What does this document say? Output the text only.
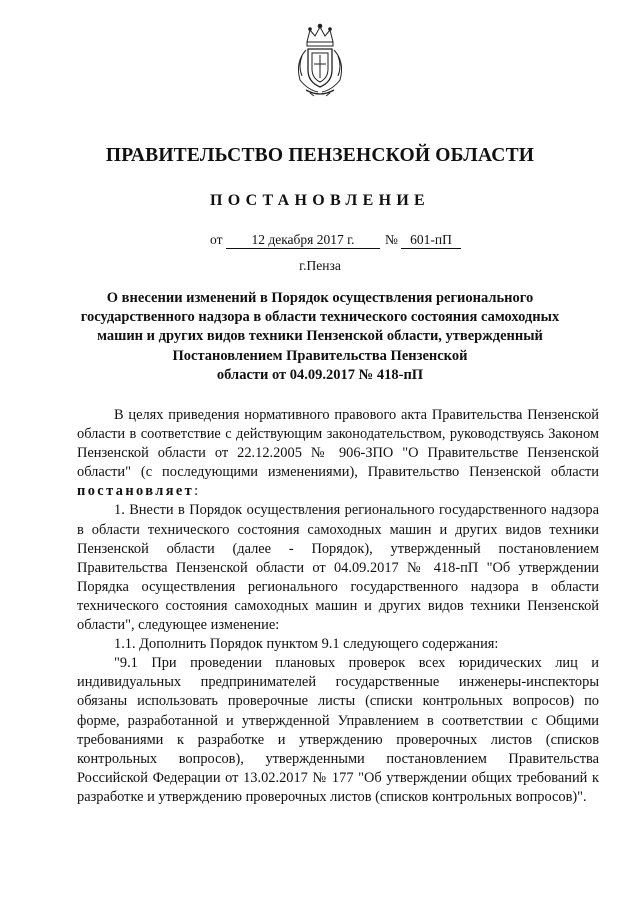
ПРАВИТЕЛЬСТВО ПЕНЗЕНСКОЙ ОБЛАСТИ
ПОСТАНОВЛЕНИЕ
от	12 декабря 2017 г.	№ 601-пП
г.Пенза
О внесении изменений в Порядок осуществления регионального
государственного надзора в области технического состояния самоходных
машин и других видов техники Пензенской области, утвержденный
Постановлением Правительства Пензенской
области от 04.09.2017 № 418-пП

В целях приведения нормативного правового акта Правительства Пензенской области в соответствие с действующим законодательством, руководствуясь Законом Пензенской области от 22.12.2005 № 906-ЗПО "О Правительстве Пензенской области" (с последующими изменениями), Правительство Пензенской области постановляет:

1. Внести в Порядок осуществления регионального государственного надзора в области технического состояния самоходных машин и других видов техники Пензенской области (далее - Порядок), утвержденный постановлением Правительства Пензенской области от 04.09.2017 № 418-пП "Об утверждении Порядка осуществления регионального государственного надзора в области технического состояния самоходных машин и других видов техники Пензенской области", следующее изменение:

1.1. Дополнить Порядок пунктом 9.1 следующего содержания:

"9.1 При проведении плановых проверок всех юридических лиц и индивидуальных предпринимателей государственные инженеры-инспекторы обязаны использовать проверочные листы (списки контрольных вопросов) по форме, разработанной и утвержденной Управлением в соответствии с Общими требованиями к разработке и утверждению проверочных листов (списков контрольных вопросов), утвержденными постановлением Правительства Российской Федерации от 13.02.2017 № 177 "Об утверждении общих требований к разработке и утверждению проверочных листов (списков контрольных вопросов)".
